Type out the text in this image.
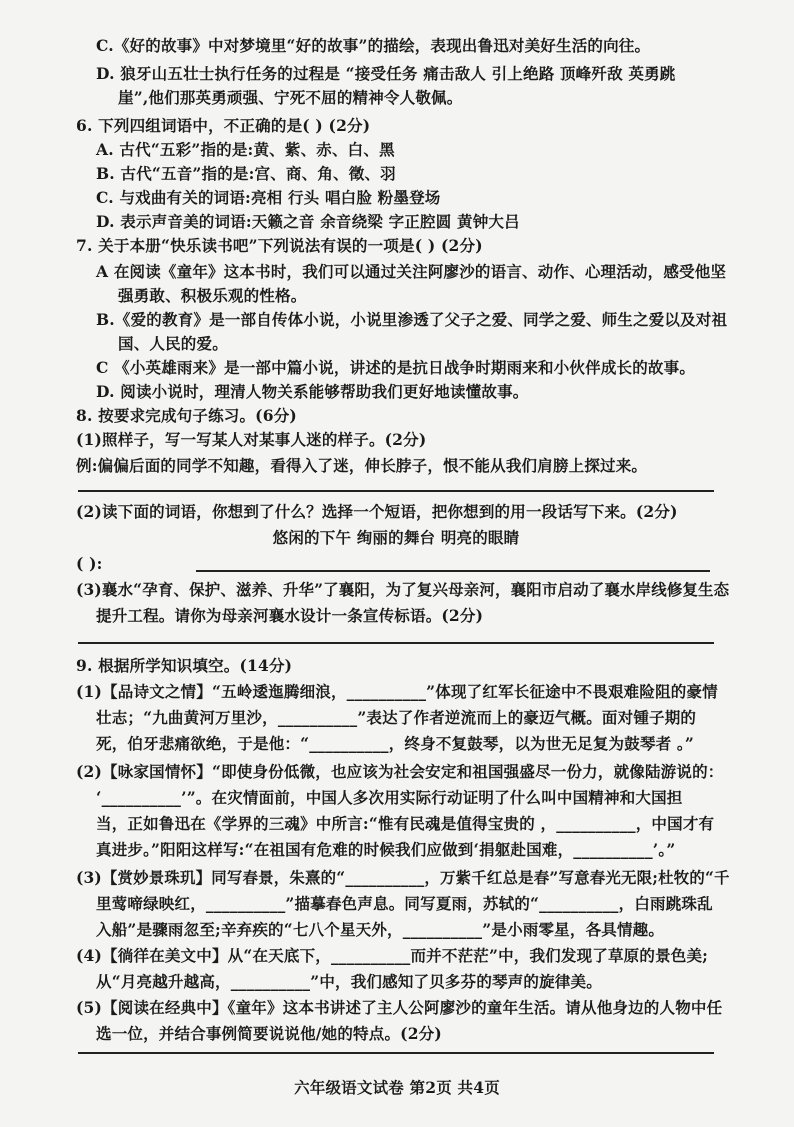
C.《好的故事》中对梦境里“好的故事”的描绘，表现出鲁迅对美好生活的向往。
D. 狼牙山五壮士执行任务的过程是 “接受任务 痛击敌人 引上绝路 顶峰歼敌 英勇跳
崖”,他们那英勇顽强、宁死不屈的精神令人敬佩。
6. 下列四组词语中，不正确的是( ) (2分)
A. 古代“五彩”指的是:黄、紫、赤、白、黑
B. 古代“五音”指的是:宫、商、角、徵、羽
C. 与戏曲有关的词语:亮相 行头 唱白脸 粉墨登场
D. 表示声音美的词语:天籁之音 余音绕梁 字正腔圆 黄钟大吕
7. 关于本册“快乐读书吧”下列说法有误的一项是( ) (2分)
A 在阅读《童年》这本书时，我们可以通过关注阿廖沙的语言、动作、心理活动，感受他坚
强勇敢、积极乐观的性格。
B.《爱的教育》是一部自传体小说，小说里渗透了父子之爱、同学之爱、师生之爱以及对祖
国、人民的爱。
C 《小英雄雨来》是一部中篇小说，讲述的是抗日战争时期雨来和小伙伴成长的故事。
D. 阅读小说时，理清人物关系能够帮助我们更好地读懂故事。
8. 按要求完成句子练习。(6分)
(1)照样子，写一写某人对某事人迷的样子。(2分)
例:偏偏后面的同学不知趣，看得入了迷，伸长脖子，恨不能从我们肩膀上探过来。
(2)读下面的词语，你想到了什么？选择一个短语，把你想到的用一段话写下来。(2分)
悠闲的下午 绚丽的舞台 明亮的眼睛
( ):
(3)襄水“孕育、保护、滋养、升华”了襄阳，为了复兴母亲河，襄阳市启动了襄水岸线修复生态
提升工程。请你为母亲河襄水设计一条宣传标语。(2分)
9. 根据所学知识填空。(14分)
(1)【品诗文之情】“五岭逶迤腾细浪，__________”体现了红军长征途中不畏艰难险阻的豪情
壮志；“九曲黄河万里沙，__________”表达了作者逆流而上的豪迈气概。面对锺子期的
死，伯牙悲痛欲绝，于是他：“__________，终身不复鼓琴，以为世无足复为鼓琴者 。”
(2)【咏家国情怀】“即使身份低微，也应该为社会安定和祖国强盛尽一份力，就像陆游说的：
‘__________’”。在灾情面前，中国人多次用实际行动证明了什么叫中国精神和大国担
当，正如鲁迅在《学界的三魂》中所言:“惟有民魂是值得宝贵的 ，__________，中国才有
真进步。”阳阳这样写:“在祖国有危难的时候我们应做到‘捐躯赴国难，__________’。”
(3)【赏妙景珠玑】同写春景，朱熹的“__________，万紫千红总是春”写意春光无限;杜牧的“千
里莺啼绿映红，__________”描摹春色声息。同写夏雨，苏轼的“__________，白雨跳珠乱
入船”是骤雨忽至;辛弃疾的“七八个星天外，__________”是小雨零星，各具情趣。
(4)【徜徉在美文中】从“在天底下，__________而并不茫茫”中，我们发现了草原的景色美;
从“月亮越升越高，__________”中，我们感知了贝多芬的琴声的旋律美。
(5)【阅读在经典中】《童年》这本书讲述了主人公阿廖沙的童年生活。请从他身边的人物中任
选一位，并结合事例简要说说他/她的特点。(2分)
六年级语文试卷 第2页 共4页
